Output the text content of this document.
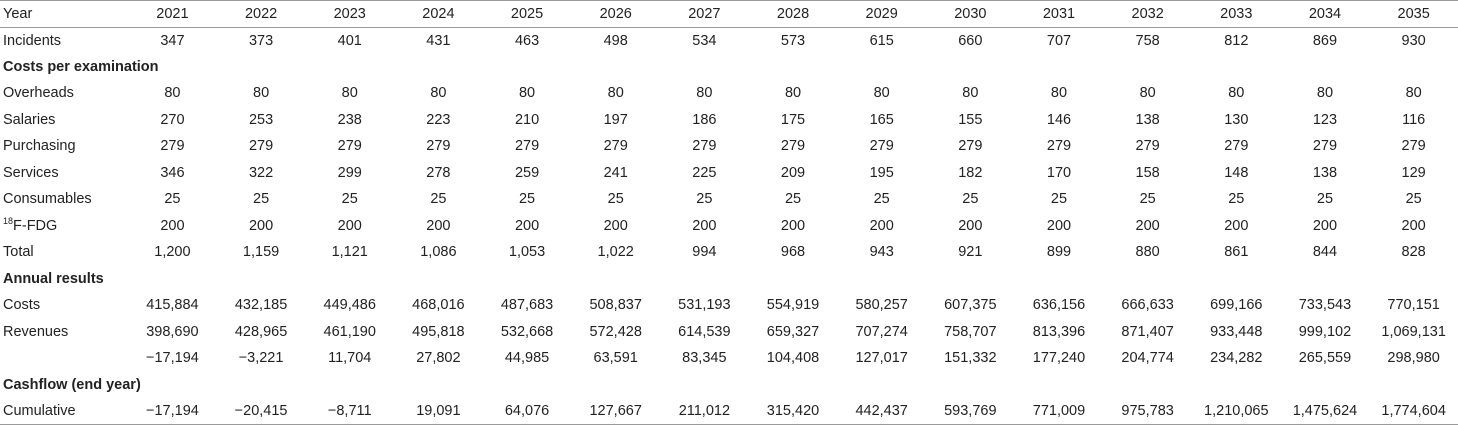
Year	2021	2022	2023	2024	2025	2026	2027	2028	2029	2030	2031	2032	2033	2034	2035
Incidents	347	373	401	431	463	498	534	573	615	660	707	758	812	869	930
Costs per examination															
Overheads	80	80	80	80	80	80	80	80	80	80	80	80	80	80	80
Salaries	270	253	238	223	210	197	186	175	165	155	146	138	130	123	116
Purchasing	279	279	279	279	279	279	279	279	279	279	279	279	279	279	279
Services	346	322	299	278	259	241	225	209	195	182	170	158	148	138	129
Consumables	25	25	25	25	25	25	25	25	25	25	25	25	25	25	25
$^{18}$F-FDG	200	200	200	200	200	200	200	200	200	200	200	200	200	200	200
Total	1,200	1,159	1,121	1,086	1,053	1,022	994	968	943	921	899	880	861	844	828
Annual results															
Costs	415,884	432,185	449,486	468,016	487,683	508,837	531,193	554,919	580,257	607,375	636,156	666,633	699,166	733,543	770,151
Revenues	398,690	428,965	461,190	495,818	532,668	572,428	614,539	659,327	707,274	758,707	813,396	871,407	933,448	999,102	1,069,131
	−17,194	−3,221	11,704	27,802	44,985	63,591	83,345	104,408	127,017	151,332	177,240	204,774	234,282	265,559	298,980
Cashflow (end year)															
Cumulative	−17,194	−20,415	−8,711	19,091	64,076	127,667	211,012	315,420	442,437	593,769	771,009	975,783	1,210,065	1,475,624	1,774,604
